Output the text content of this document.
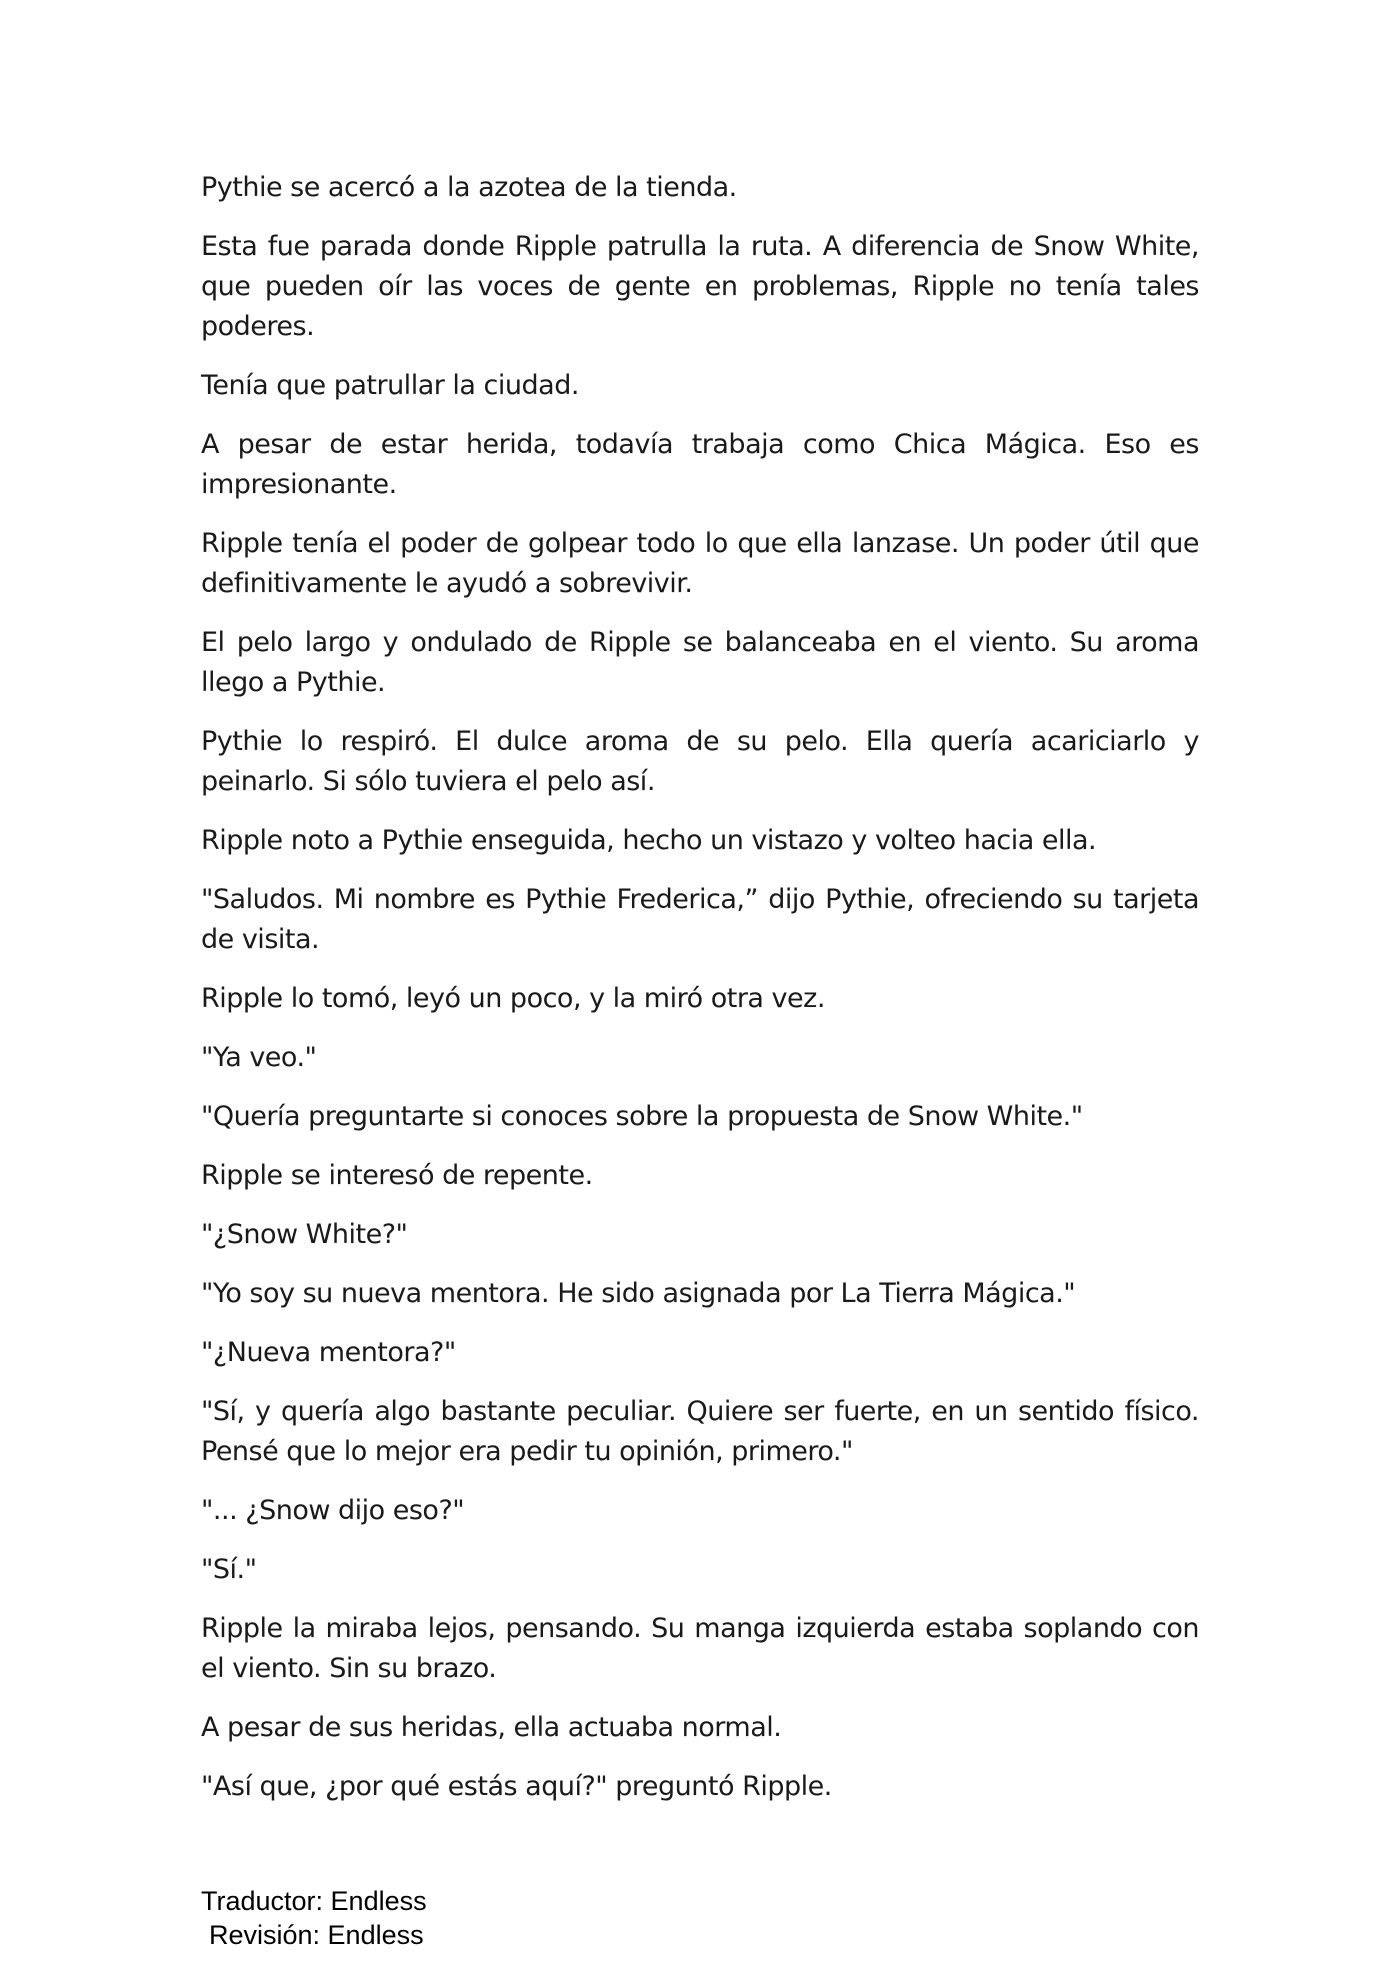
Pythie se acercó a la azotea de la tienda.

Esta fue parada donde Ripple patrulla la ruta. A diferencia de Snow White, que pueden oír las voces de gente en problemas, Ripple no tenía tales poderes.

Tenía que patrullar la ciudad.

A pesar de estar herida, todavía trabaja como Chica Mágica. Eso es impresionante.

Ripple tenía el poder de golpear todo lo que ella lanzase. Un poder útil que definitivamente le ayudó a sobrevivir.

El pelo largo y ondulado de Ripple se balanceaba en el viento. Su aroma llego a Pythie.

Pythie lo respiró. El dulce aroma de su pelo. Ella quería acariciarlo y peinarlo. Si sólo tuviera el pelo así.

Ripple noto a Pythie enseguida, hecho un vistazo y volteo hacia ella.

"Saludos. Mi nombre es Pythie Frederica,” dijo Pythie, ofreciendo su tarjeta de visita.

Ripple lo tomó, leyó un poco, y la miró otra vez.

"Ya veo."

"Quería preguntarte si conoces sobre la propuesta de Snow White."

Ripple se interesó de repente.

"¿Snow White?"

"Yo soy su nueva mentora. He sido asignada por La Tierra Mágica."

"¿Nueva mentora?"

"Sí, y quería algo bastante peculiar. Quiere ser fuerte, en un sentido físico. Pensé que lo mejor era pedir tu opinión, primero."

"... ¿Snow dijo eso?"

"Sí."

Ripple la miraba lejos, pensando. Su manga izquierda estaba soplando con el viento. Sin su brazo.

A pesar de sus heridas, ella actuaba normal.

"Así que, ¿por qué estás aquí?" preguntó Ripple.

Traductor: Endless
Revisión: Endless
